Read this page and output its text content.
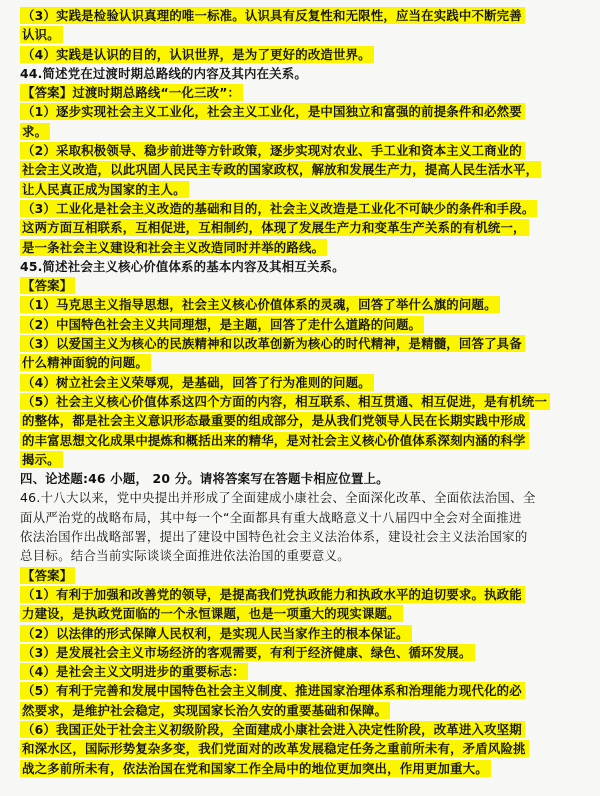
（3）实践是检验认识真理的唯一标准。认识具有反复性和无限性，应当在实践中不断完善
认识。
（4）实践是认识的目的，认识世界，是为了更好的改造世界。
44.简述党在过渡时期总路线的内容及其内在关系。
【答案】过渡时期总路线“一化三改”：
（1）逐步实现社会主义工业化，社会主义工业化，是中国独立和富强的前提条件和必然要
求。
（2）采取积极领导、稳步前进等方针政策，逐步实现对农业、手工业和资本主义工商业的
社会主义改造，以此巩固人民民主专政的国家政权，解放和发展生产力，提高人民生活水平，
让人民真正成为国家的主人。
（3）工业化是社会主义改造的基础和目的，社会主义改造是工业化不可缺少的条件和手段。
这两方面互相联系，互相促进，互相制约，体现了发展生产力和变革生产关系的有机统一，
是一条社会主义建设和社会主义改造同时并举的路线。
45.简述社会主义核心价值体系的基本内容及其相互关系。
【答案】
（1）马克思主义指导思想，社会主义核心价值体系的灵魂，回答了举什么旗的问题。
（2）中国特色社会主义共同理想，是主题，回答了走什么道路的问题。
（3）以爱国主义为核心的民族精神和以改革创新为核心的时代精神，是精髓，回答了具备
什么精神面貌的问题。
（4）树立社会主义荣辱观，是基础，回答了行为准则的问题。
（5）社会主义核心价值体系这四个方面的内容，相互联系、相互贯通、相互促进，是有机统一
的整体，都是社会主义意识形态最重要的组成部分，是从我们党领导人民在长期实践中形成
的丰富思想文化成果中提炼和概括出来的精华，是对社会主义核心价值体系深刻内涵的科学
揭示。
四、论述题:46 小题， 20 分。请将答案写在答题卡相应位置上。
46.十八大以来，党中央提出并形成了全面建成小康社会、全面深化改革、全面依法治国、全
面从严治党的战略布局，其中每一个“全面都具有重大战略意义十八届四中全会对全面推进
依法治国作出战略部署，提出了建设中国特色社会主义法治体系，建设社会主义法治国家的
总目标。结合当前实际谈谈全面推进依法治国的重要意义。
【答案】
（1）有利于加强和改善党的领导，是提高我们党执政能力和执政水平的迫切要求。执政能
力建设，是执政党面临的一个永恒课题，也是一项重大的现实课题。
（2）以法律的形式保障人民权利，是实现人民当家作主的根本保证。
（3）是发展社会主义市场经济的客观需要，有利于经济健康、绿色、循环发展。
（4）是社会主义文明进步的重要标志：
（5）有利于完善和发展中国特色社会主义制度、推进国家治理体系和治理能力现代化的必
然要求，是维护社会稳定，实现国家长治久安的重要基础和保障。
（6）我国正处于社会主义初级阶段，全面建成小康社会进入决定性阶段，改革进入攻坚期
和深水区，国际形势复杂多变，我们党面对的改革发展稳定任务之重前所未有，矛盾风险挑
战之多前所未有，依法治国在党和国家工作全局中的地位更加突出，作用更加重大。
